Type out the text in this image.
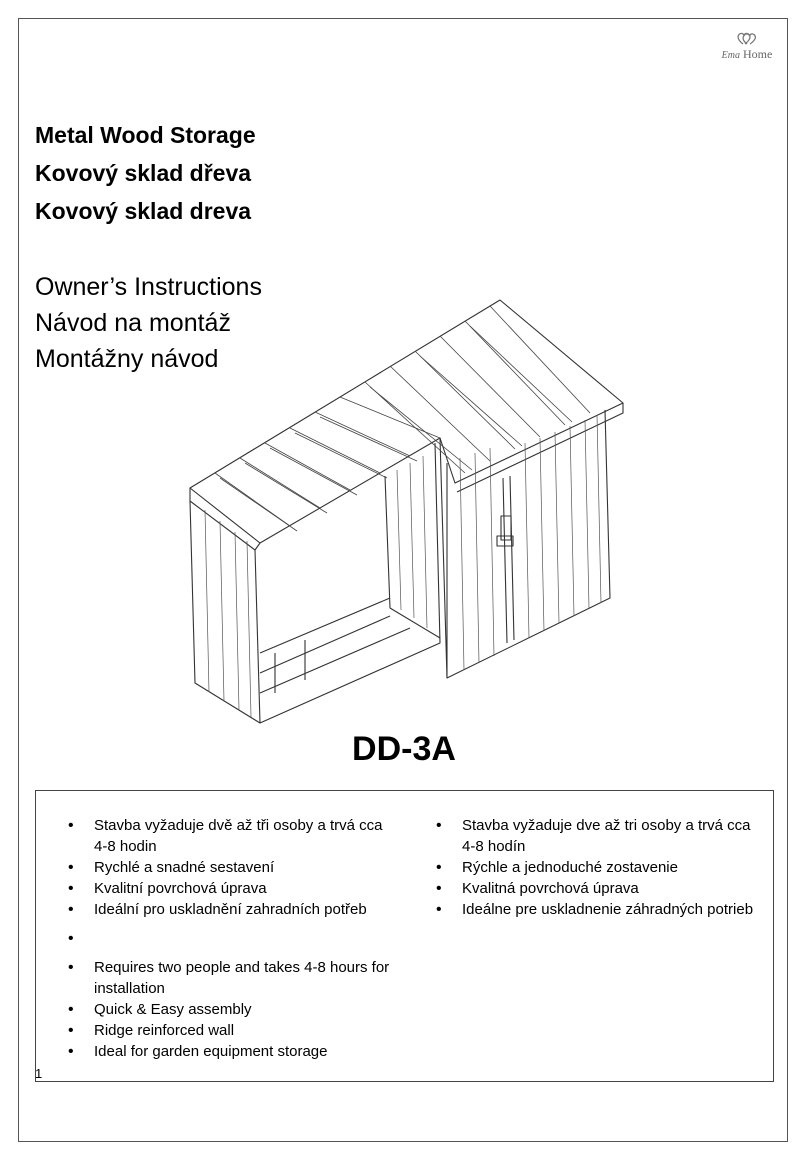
Ema Home
Metal Wood Storage
Kovový sklad dřeva
Kovový sklad dreva
Owner’s Instructions
Návod na montáž
Montážny návod
DD-3A
• Stavba vyžaduje dvě až tři osoby a trvá cca 4-8 hodin
• Rychlé a snadné sestavení
• Kvalitní povrchová úprava
• Ideální pro uskladnění zahradních potřeb
•
• Requires two people and takes 4-8 hours for installation
• Quick & Easy assembly
• Ridge reinforced wall
• Ideal for garden equipment storage
• Stavba vyžaduje dve až tri osoby a trvá cca 4-8 hodín
• Rýchle a jednoduché zostavenie
• Kvalitná povrchová úprava
• Ideálne pre uskladnenie záhradných potrieb
1
